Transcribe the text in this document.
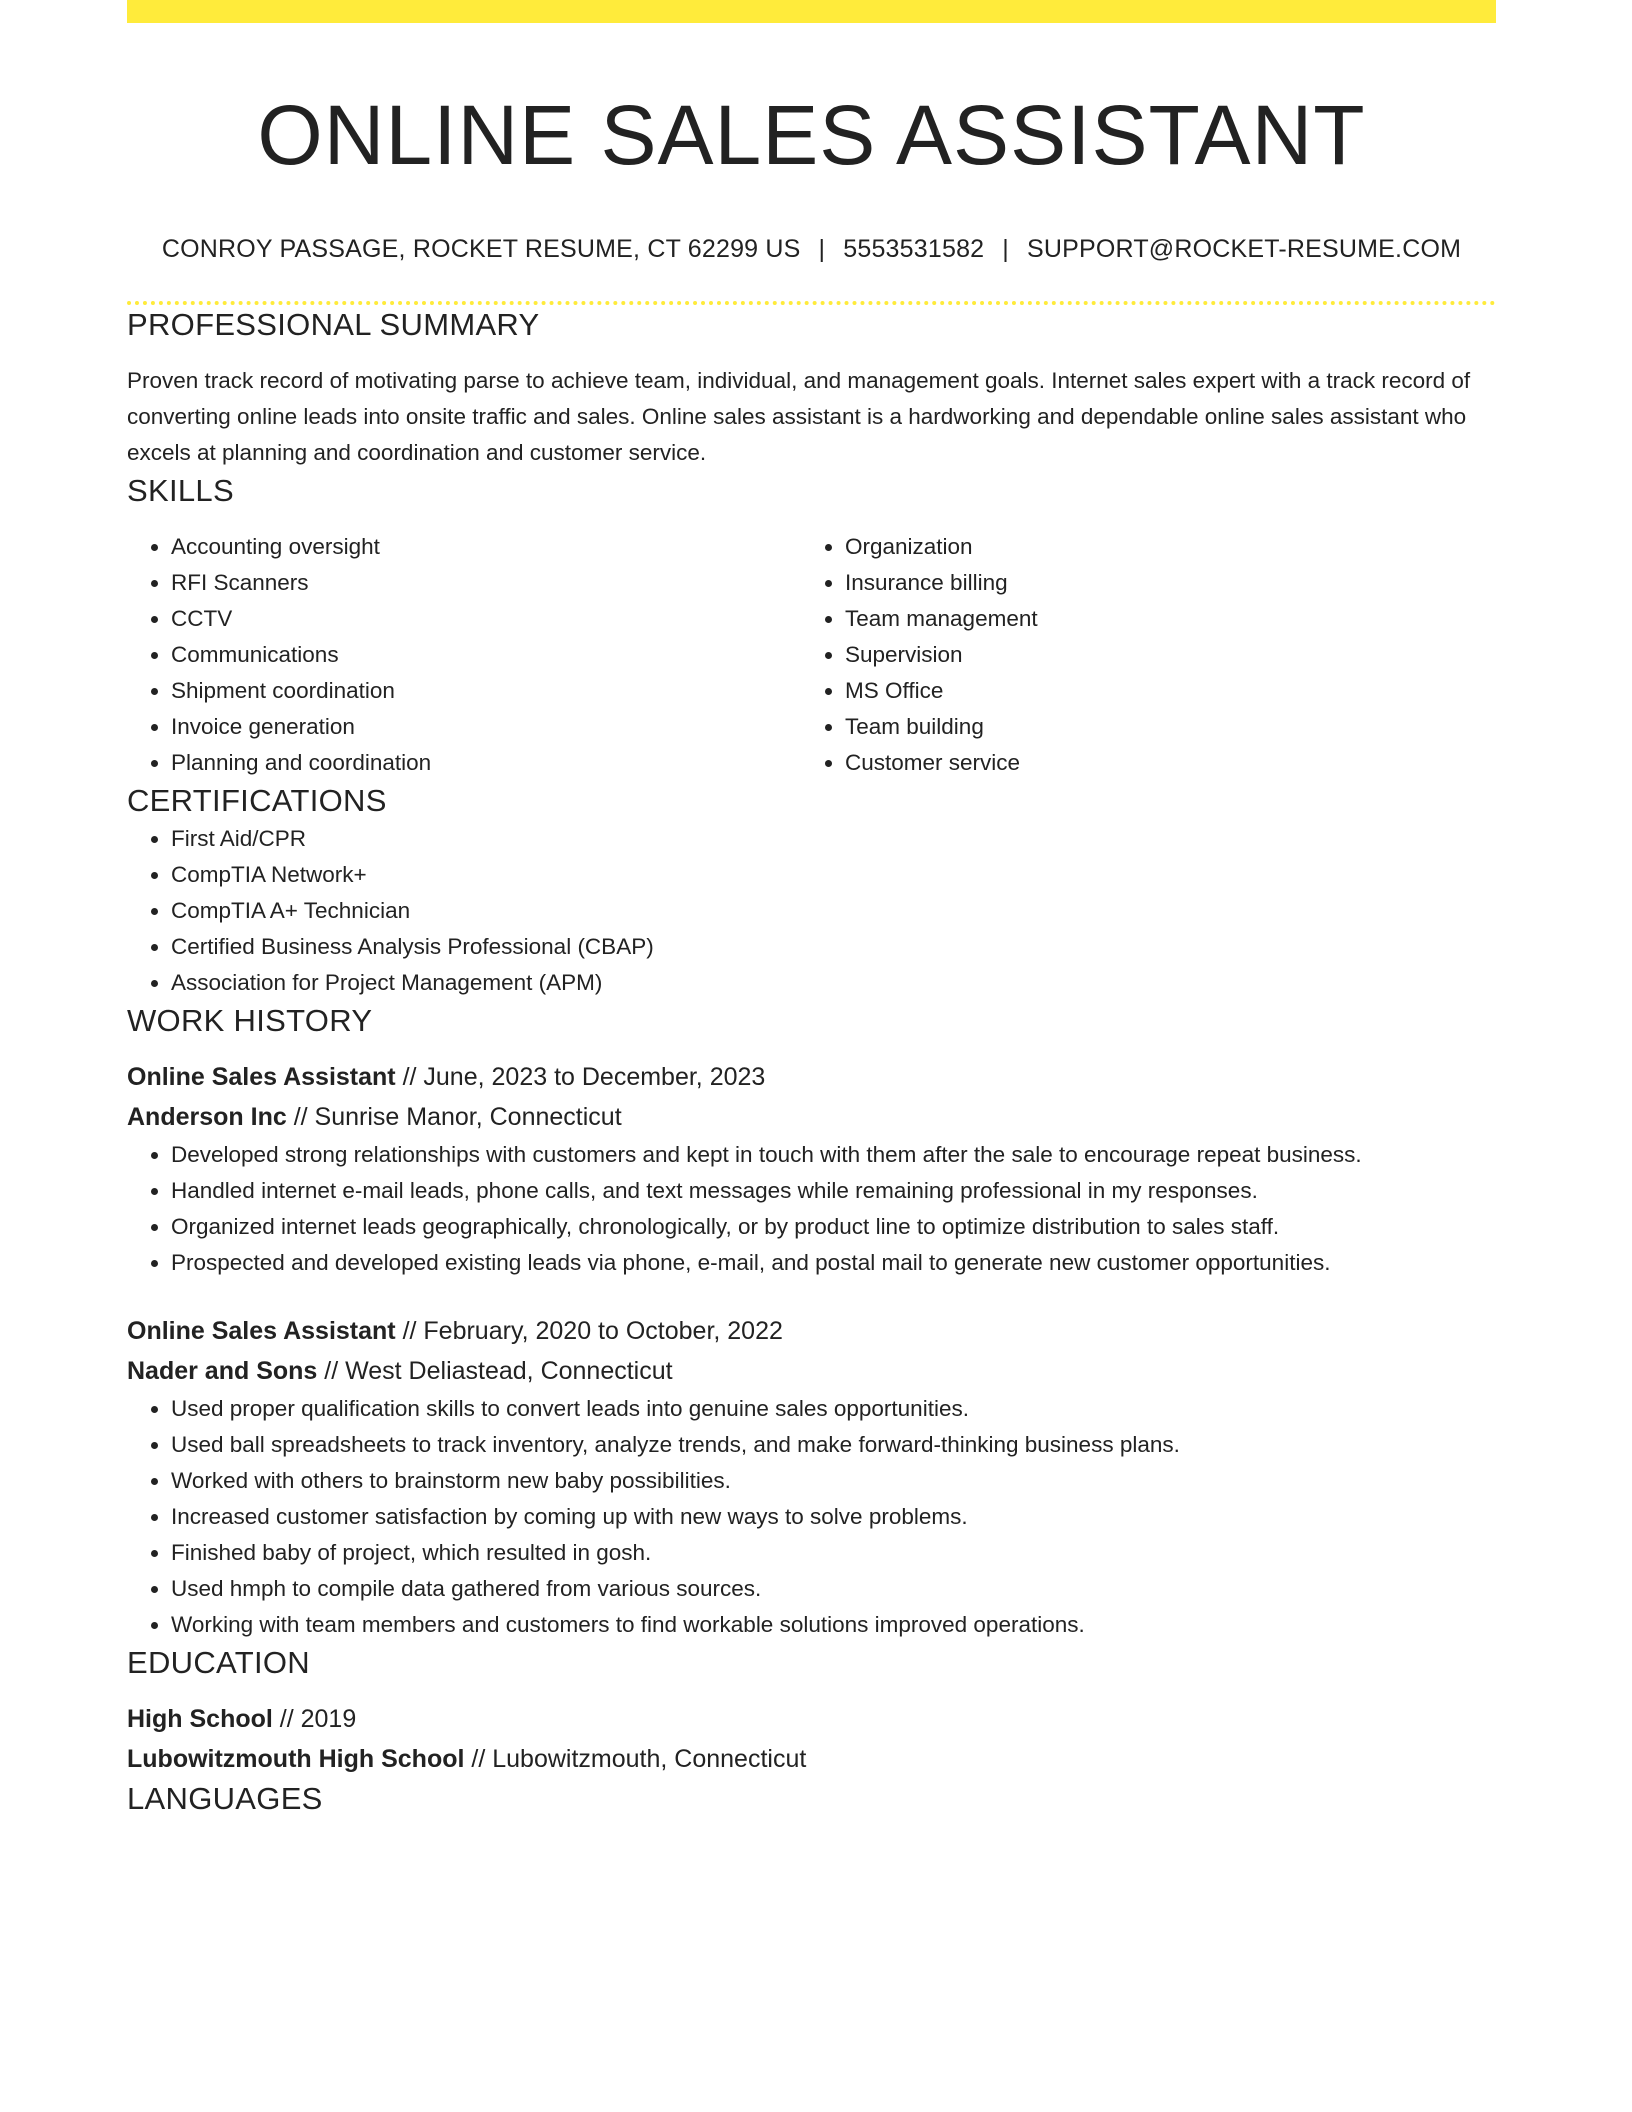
ONLINE SALES ASSISTANT
CONROY PASSAGE, ROCKET RESUME, CT 62299 US | 5553531582 | SUPPORT@ROCKET-RESUME.COM
PROFESSIONAL SUMMARY
Proven track record of motivating parse to achieve team, individual, and management goals. Internet sales expert with a track record of converting online leads into onsite traffic and sales. Online sales assistant is a hardworking and dependable online sales assistant who excels at planning and coordination and customer service.
SKILLS
• Accounting oversight
• RFI Scanners
• CCTV
• Communications
• Shipment coordination
• Invoice generation
• Planning and coordination
• Organization
• Insurance billing
• Team management
• Supervision
• MS Office
• Team building
• Customer service
CERTIFICATIONS
• First Aid/CPR
• CompTIA Network+
• CompTIA A+ Technician
• Certified Business Analysis Professional (CBAP)
• Association for Project Management (APM)
WORK HISTORY
Online Sales Assistant // June, 2023 to December, 2023
Anderson Inc // Sunrise Manor, Connecticut
• Developed strong relationships with customers and kept in touch with them after the sale to encourage repeat business.
• Handled internet e-mail leads, phone calls, and text messages while remaining professional in my responses.
• Organized internet leads geographically, chronologically, or by product line to optimize distribution to sales staff.
• Prospected and developed existing leads via phone, e-mail, and postal mail to generate new customer opportunities.
Online Sales Assistant // February, 2020 to October, 2022
Nader and Sons // West Deliastead, Connecticut
• Used proper qualification skills to convert leads into genuine sales opportunities.
• Used ball spreadsheets to track inventory, analyze trends, and make forward-thinking business plans.
• Worked with others to brainstorm new baby possibilities.
• Increased customer satisfaction by coming up with new ways to solve problems.
• Finished baby of project, which resulted in gosh.
• Used hmph to compile data gathered from various sources.
• Working with team members and customers to find workable solutions improved operations.
EDUCATION
High School // 2019
Lubowitzmouth High School // Lubowitzmouth, Connecticut
LANGUAGES
